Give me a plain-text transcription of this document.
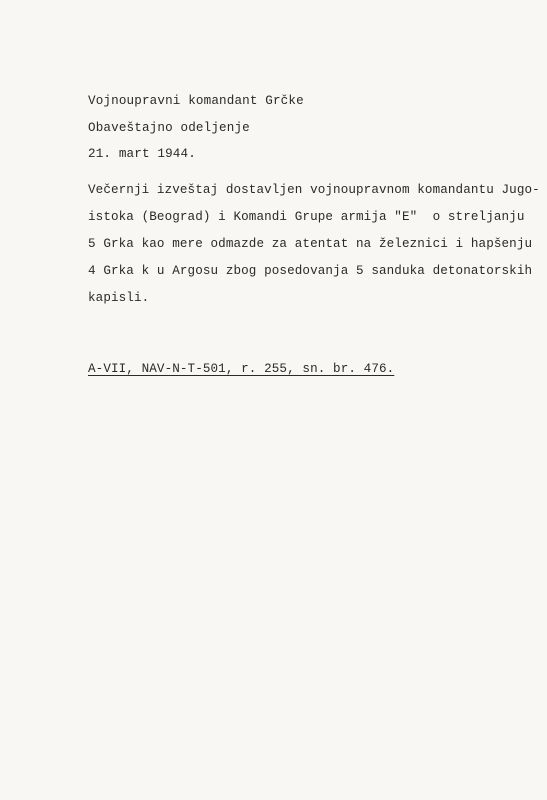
Vojnoupravni komandant Grčke
Obaveštajno odeljenje
21. mart 1944.
Večernji izveštaj dostavljen vojnoupravnom komandantu Jugo-
istoka (Beograd) i Komandi Grupe armija "E"  o streljanju
5 Grka kao mere odmazde za atentat na železnici i hapšenju
4 Grka k u Argosu zbog posedovanja 5 sanduka detonatorskih
kapisli.
A-VII, NAV-N-T-501, r. 255, sn. br. 476.
